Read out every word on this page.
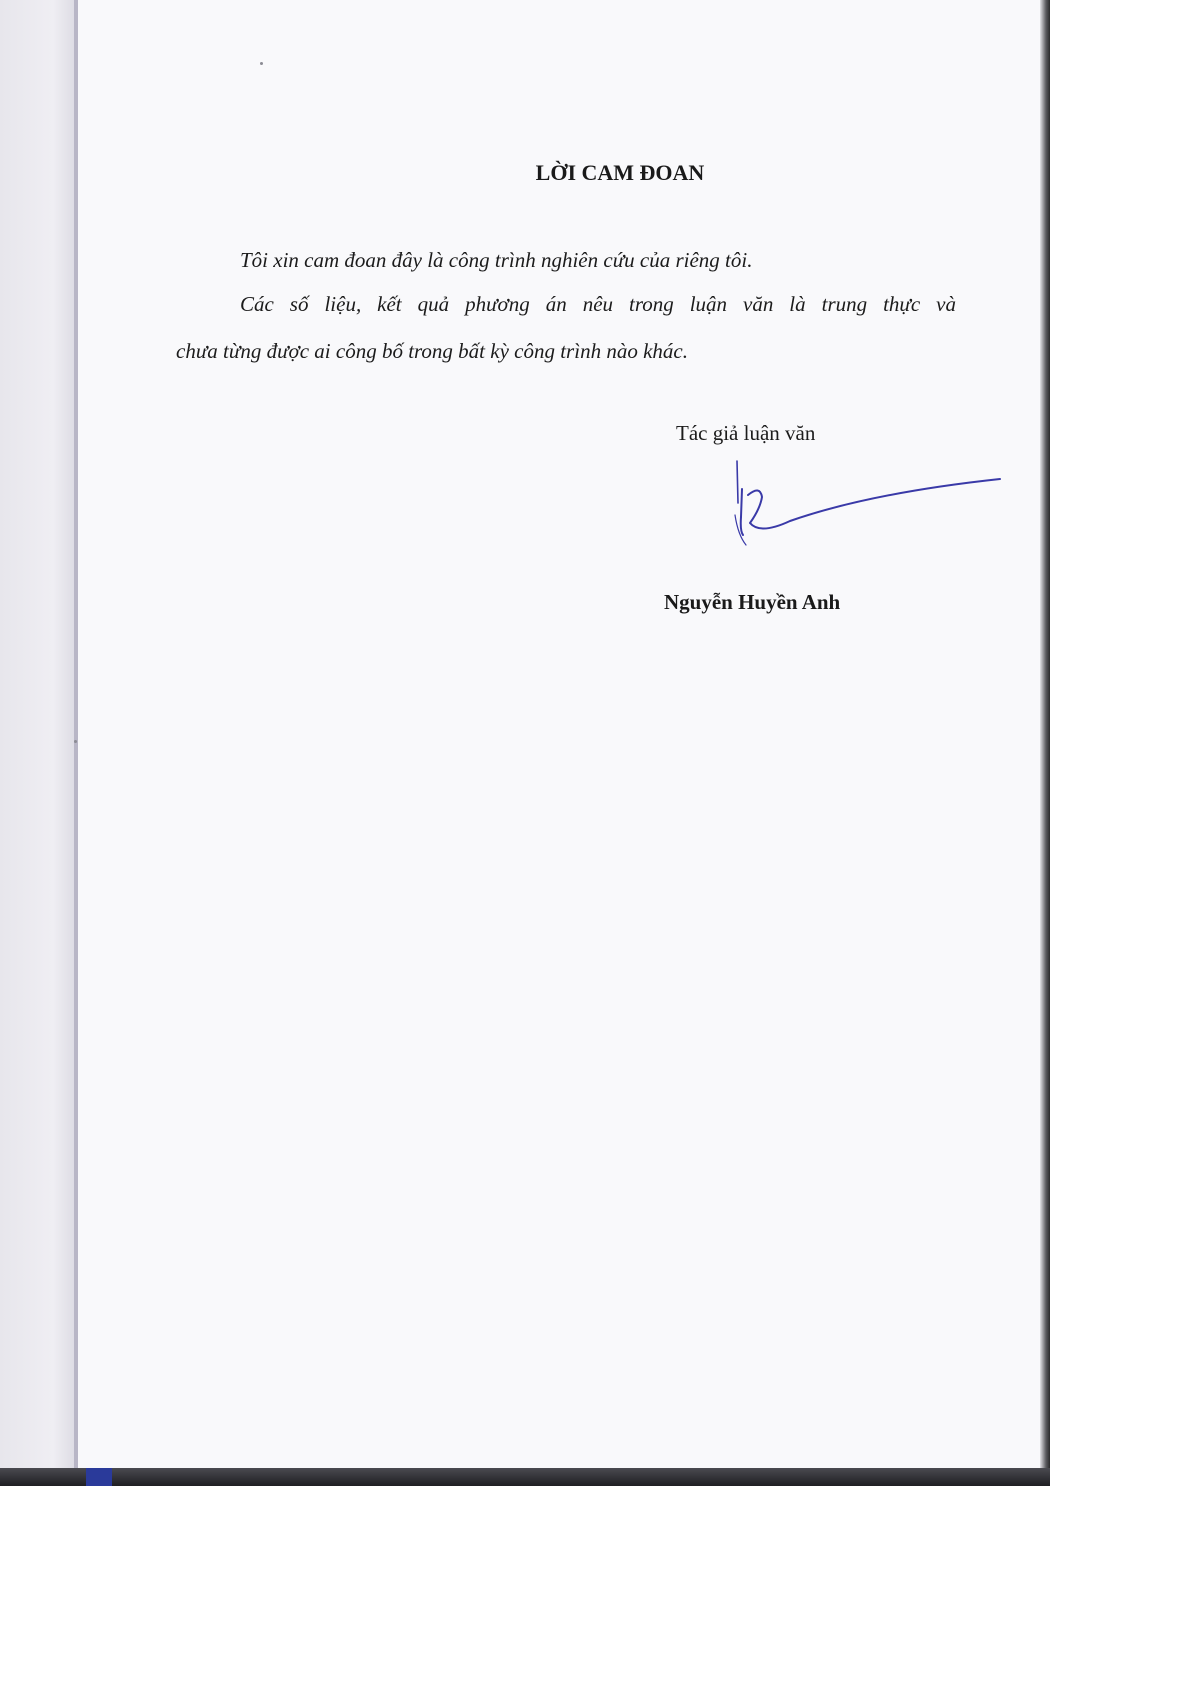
LỜI CAM ĐOAN

Tôi xin cam đoan đây là công trình nghiên cứu của riêng tôi.

Các số liệu, kết quả phương án nêu trong luận văn là trung thực và

chưa từng được ai công bố trong bất kỳ công trình nào khác.

Tác giả luận văn

Nguyễn Huyền Anh
